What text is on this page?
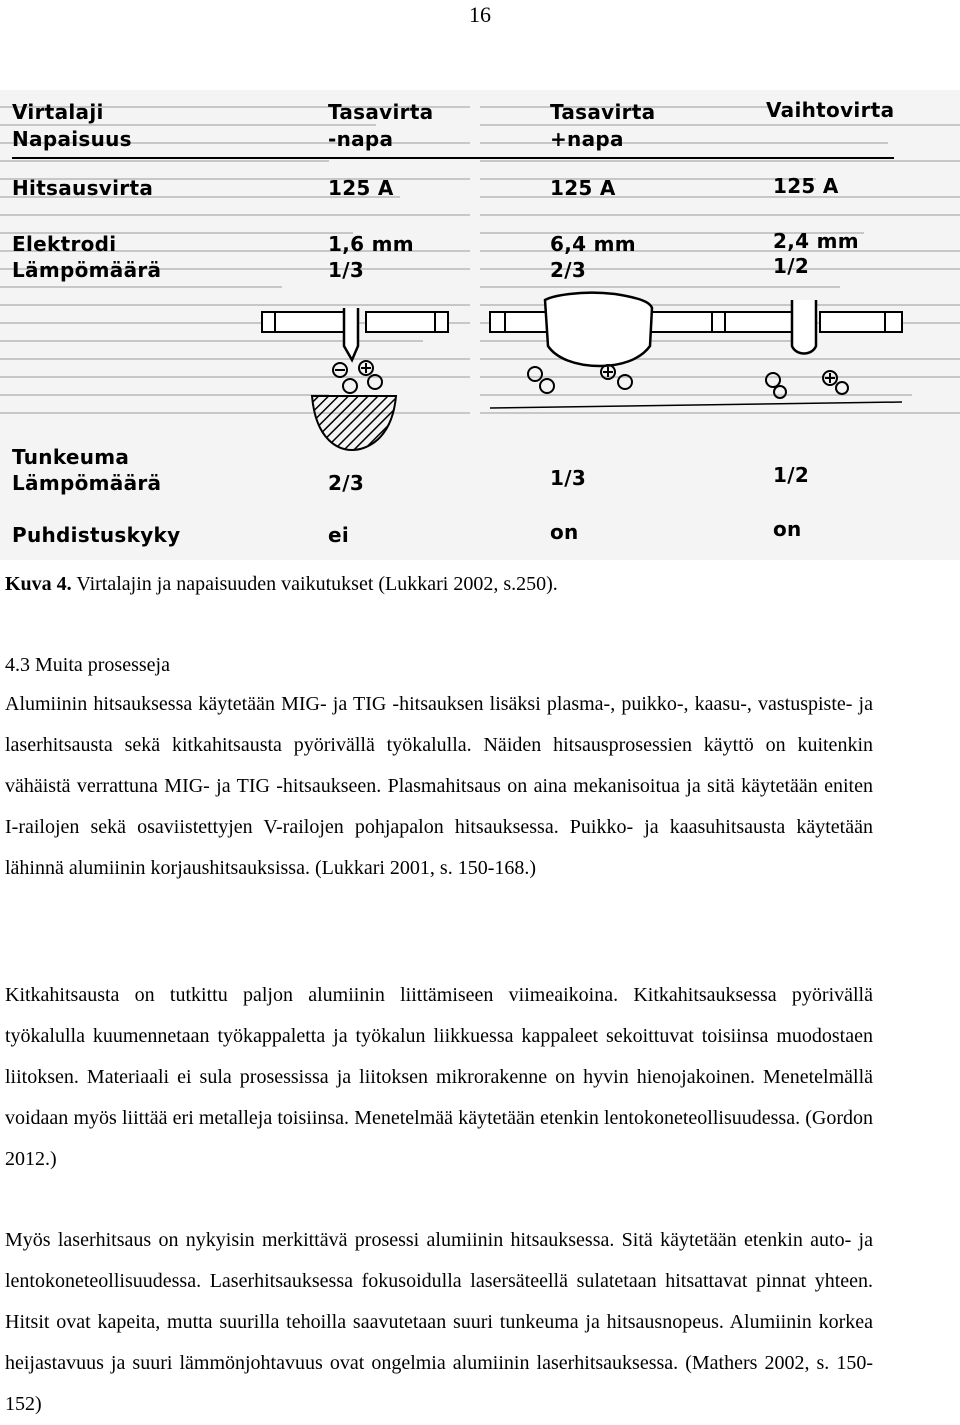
16
Virtalaji
Napaisuus
Hitsausvirta
Elektrodi
Lämpömäärä
Tunkeuma
Lämpömäärä
Puhdistuskyky
Tasavirta
-napa
125 A
1,6 mm
1/3
2/3
ei
Tasavirta
+napa
125 A
6,4 mm
2/3
1/3
on
Vaihtovirta
125 A
2,4 mm
1/2
1/2
on
Kuva 4. Virtalajin ja napaisuuden vaikutukset (Lukkari 2002, s.250).
4.3 Muita prosesseja

Alumiinin hitsauksessa käytetään MIG- ja TIG -hitsauksen lisäksi plasma-, puikko-, kaasu-, vastuspiste- ja laserhitsausta sekä kitkahitsausta pyörivällä työkalulla. Näiden hitsausprosessien käyttö on kuitenkin vähäistä verrattuna MIG- ja TIG -hitsaukseen. Plasmahitsaus on aina mekanisoitua ja sitä käytetään eniten I-railojen sekä osaviistettyjen V-railojen pohjapalon hitsauksessa. Puikko- ja kaasuhitsausta käytetään lähinnä alumiinin korjaushitsauksissa. (Lukkari 2001, s. 150-168.)

Kitkahitsausta on tutkittu paljon alumiinin liittämiseen viimeaikoina. Kitkahitsauksessa pyörivällä työkalulla kuumennetaan työkappaletta ja työkalun liikkuessa kappaleet sekoittuvat toisiinsa muodostaen liitoksen. Materiaali ei sula prosessissa ja liitoksen mikrorakenne on hyvin hienojakoinen. Menetelmällä voidaan myös liittää eri metalleja toisiinsa. Menetelmää käytetään etenkin lentokoneteollisuudessa. (Gordon 2012.)

Myös laserhitsaus on nykyisin merkittävä prosessi alumiinin hitsauksessa. Sitä käytetään etenkin auto- ja lentokoneteollisuudessa. Laserhitsauksessa fokusoidulla lasersäteellä sulatetaan hitsattavat pinnat yhteen. Hitsit ovat kapeita, mutta suurilla tehoilla saavutetaan suuri tunkeuma ja hitsausnopeus. Alumiinin korkea heijastavuus ja suuri lämmönjohtavuus ovat ongelmia alumiinin laserhitsauksessa. (Mathers 2002, s. 150-152)
